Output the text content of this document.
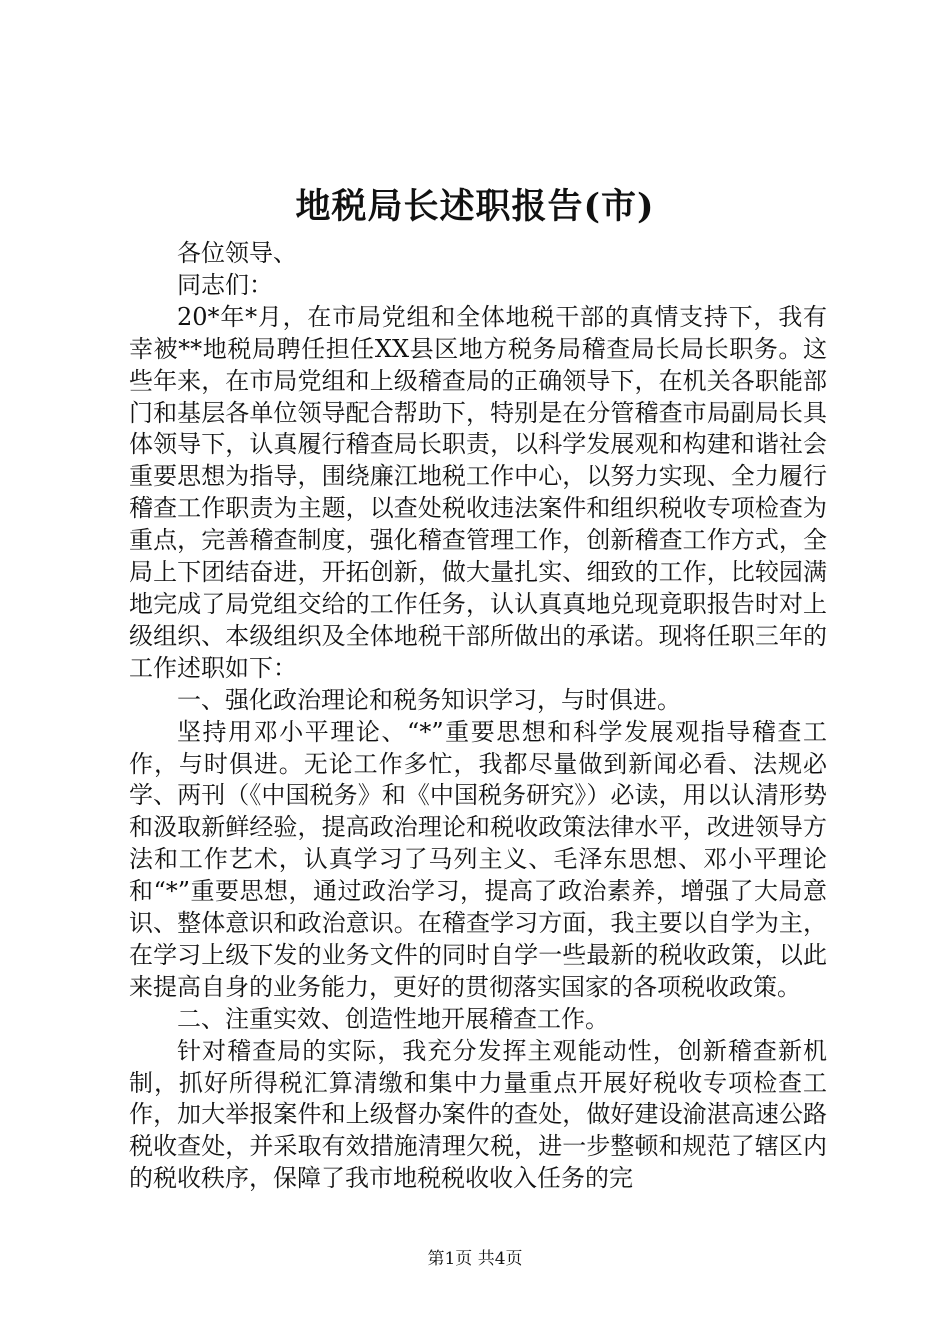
地税局长述职报告(市)

各位领导、

同志们：

20*年*月，在市局党组和全体地税干部的真情支持下，我有幸被**地税局聘任担任XX县区地方税务局稽查局长局长职务。这些年来，在市局党组和上级稽查局的正确领导下，在机关各职能部门和基层各单位领导配合帮助下，特别是在分管稽查市局副局长具体领导下，认真履行稽查局长职责，以科学发展观和构建和谐社会重要思想为指导，围绕廉江地税工作中心，以努力实现、全力履行稽查工作职责为主题，以查处税收违法案件和组织税收专项检查为重点，完善稽查制度，强化稽查管理工作，创新稽查工作方式，全局上下团结奋进，开拓创新，做大量扎实、细致的工作，比较园满地完成了局党组交给的工作任务，认认真真地兑现竟职报告时对上级组织、本级组织及全体地税干部所做出的承诺。现将任职三年的工作述职如下：

一、强化政治理论和税务知识学习，与时俱进。

坚持用邓小平理论、“*”重要思想和科学发展观指导稽查工作，与时俱进。无论工作多忙，我都尽量做到新闻必看、法规必学、两刊（《中国税务》和《中国税务研究》）必读，用以认清形势和汲取新鲜经验，提高政治理论和税收政策法律水平，改进领导方法和工作艺术，认真学习了马列主义、毛泽东思想、邓小平理论和“*”重要思想，通过政治学习，提高了政治素养，增强了大局意识、整体意识和政治意识。在稽查学习方面，我主要以自学为主，在学习上级下发的业务文件的同时自学一些最新的税收政策，以此来提高自身的业务能力，更好的贯彻落实国家的各项税收政策。

二、注重实效、创造性地开展稽查工作。

针对稽查局的实际，我充分发挥主观能动性，创新稽查新机制，抓好所得税汇算清缴和集中力量重点开展好税收专项检查工作，加大举报案件和上级督办案件的查处，做好建设渝湛高速公路税收查处，并采取有效措施清理欠税，进一步整顿和规范了辖区内的税收秩序，保障了我市地税税收收入任务的完

第1页 共4页
